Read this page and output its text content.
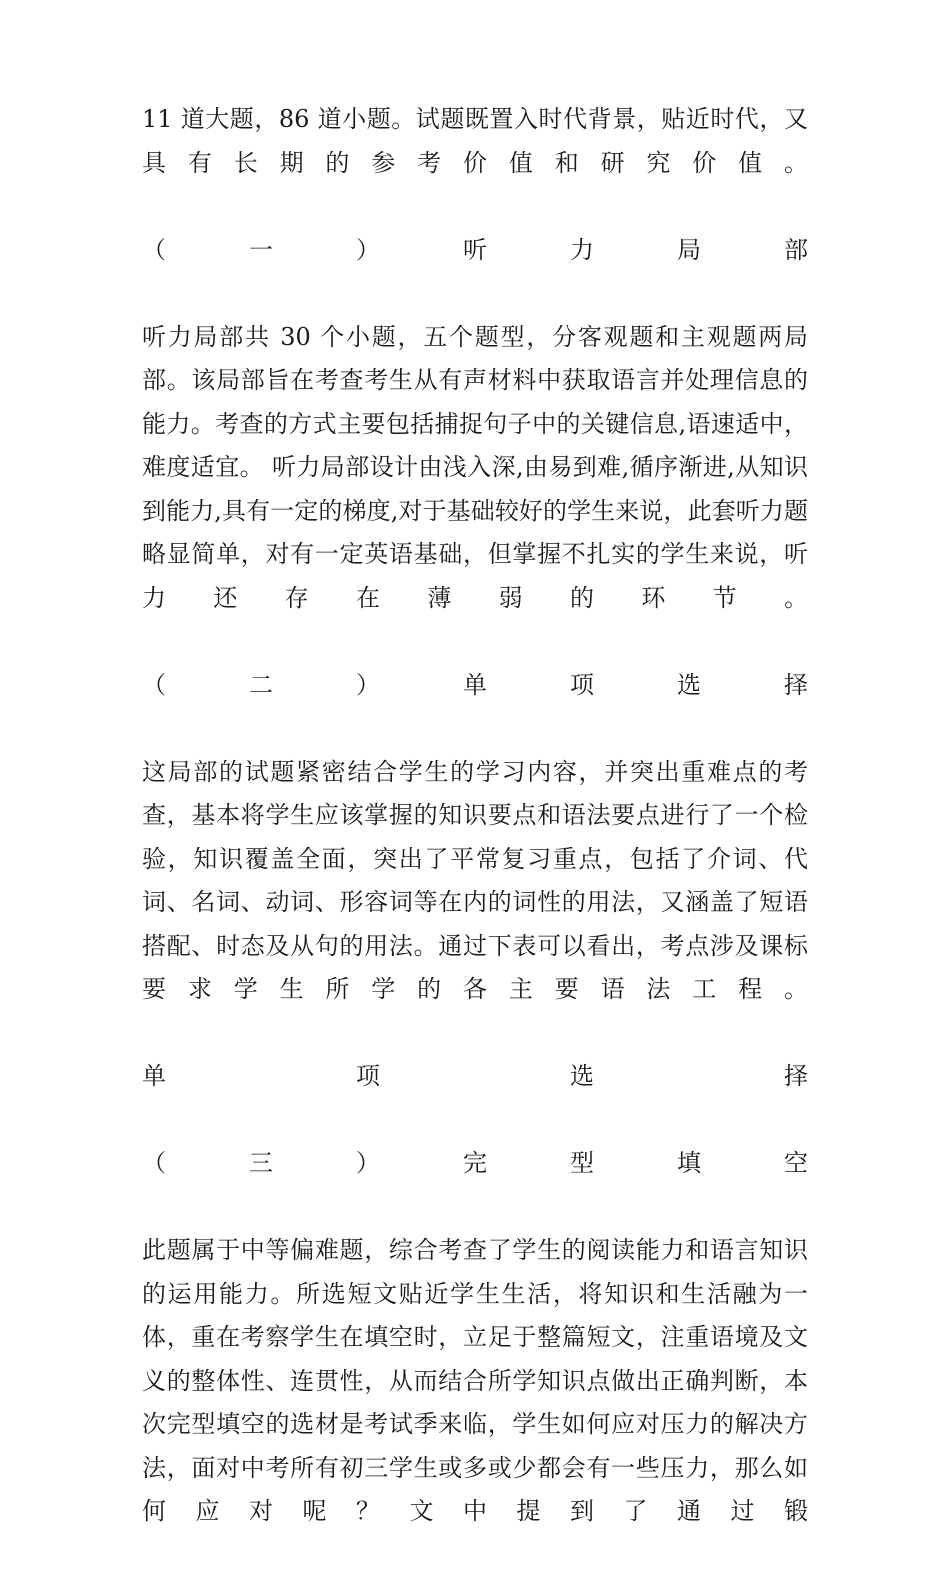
11 道大题，86 道小题。试题既置入时代背景，贴近时代，又具有长期的参考价值和研究价值。

（一）听力局部

听力局部共 30 个小题，五个题型，分客观题和主观题两局部。该局部旨在考查考生从有声材料中获取语言并处理信息的能力。考查的方式主要包括捕捉句子中的关键信息,语速适中，难度适宜。 听力局部设计由浅入深,由易到难,循序渐进,从知识到能力,具有一定的梯度,对于基础较好的学生来说，此套听力题略显简单，对有一定英语基础，但掌握不扎实的学生来说，听力还存在薄弱的环节。

（二）单项选择

这局部的试题紧密结合学生的学习内容，并突出重难点的考查，基本将学生应该掌握的知识要点和语法要点进行了一个检验，知识覆盖全面，突出了平常复习重点，包括了介词、代词、名词、动词、形容词等在内的词性的用法，又涵盖了短语搭配、时态及从句的用法。通过下表可以看出，考点涉及课标要求学生所学的各主要语法工程。

单项选择

（三）完型填空

此题属于中等偏难题，综合考查了学生的阅读能力和语言知识的运用能力。所选短文贴近学生生活，将知识和生活融为一体，重在考察学生在填空时，立足于整篇短文，注重语境及文义的整体性、连贯性，从而结合所学知识点做出正确判断，本次完型填空的选材是考试季来临，学生如何应对压力的解决方法，面对中考所有初三学生或多或少都会有一些压力，那么如何应对呢？文中提到了通过锻
